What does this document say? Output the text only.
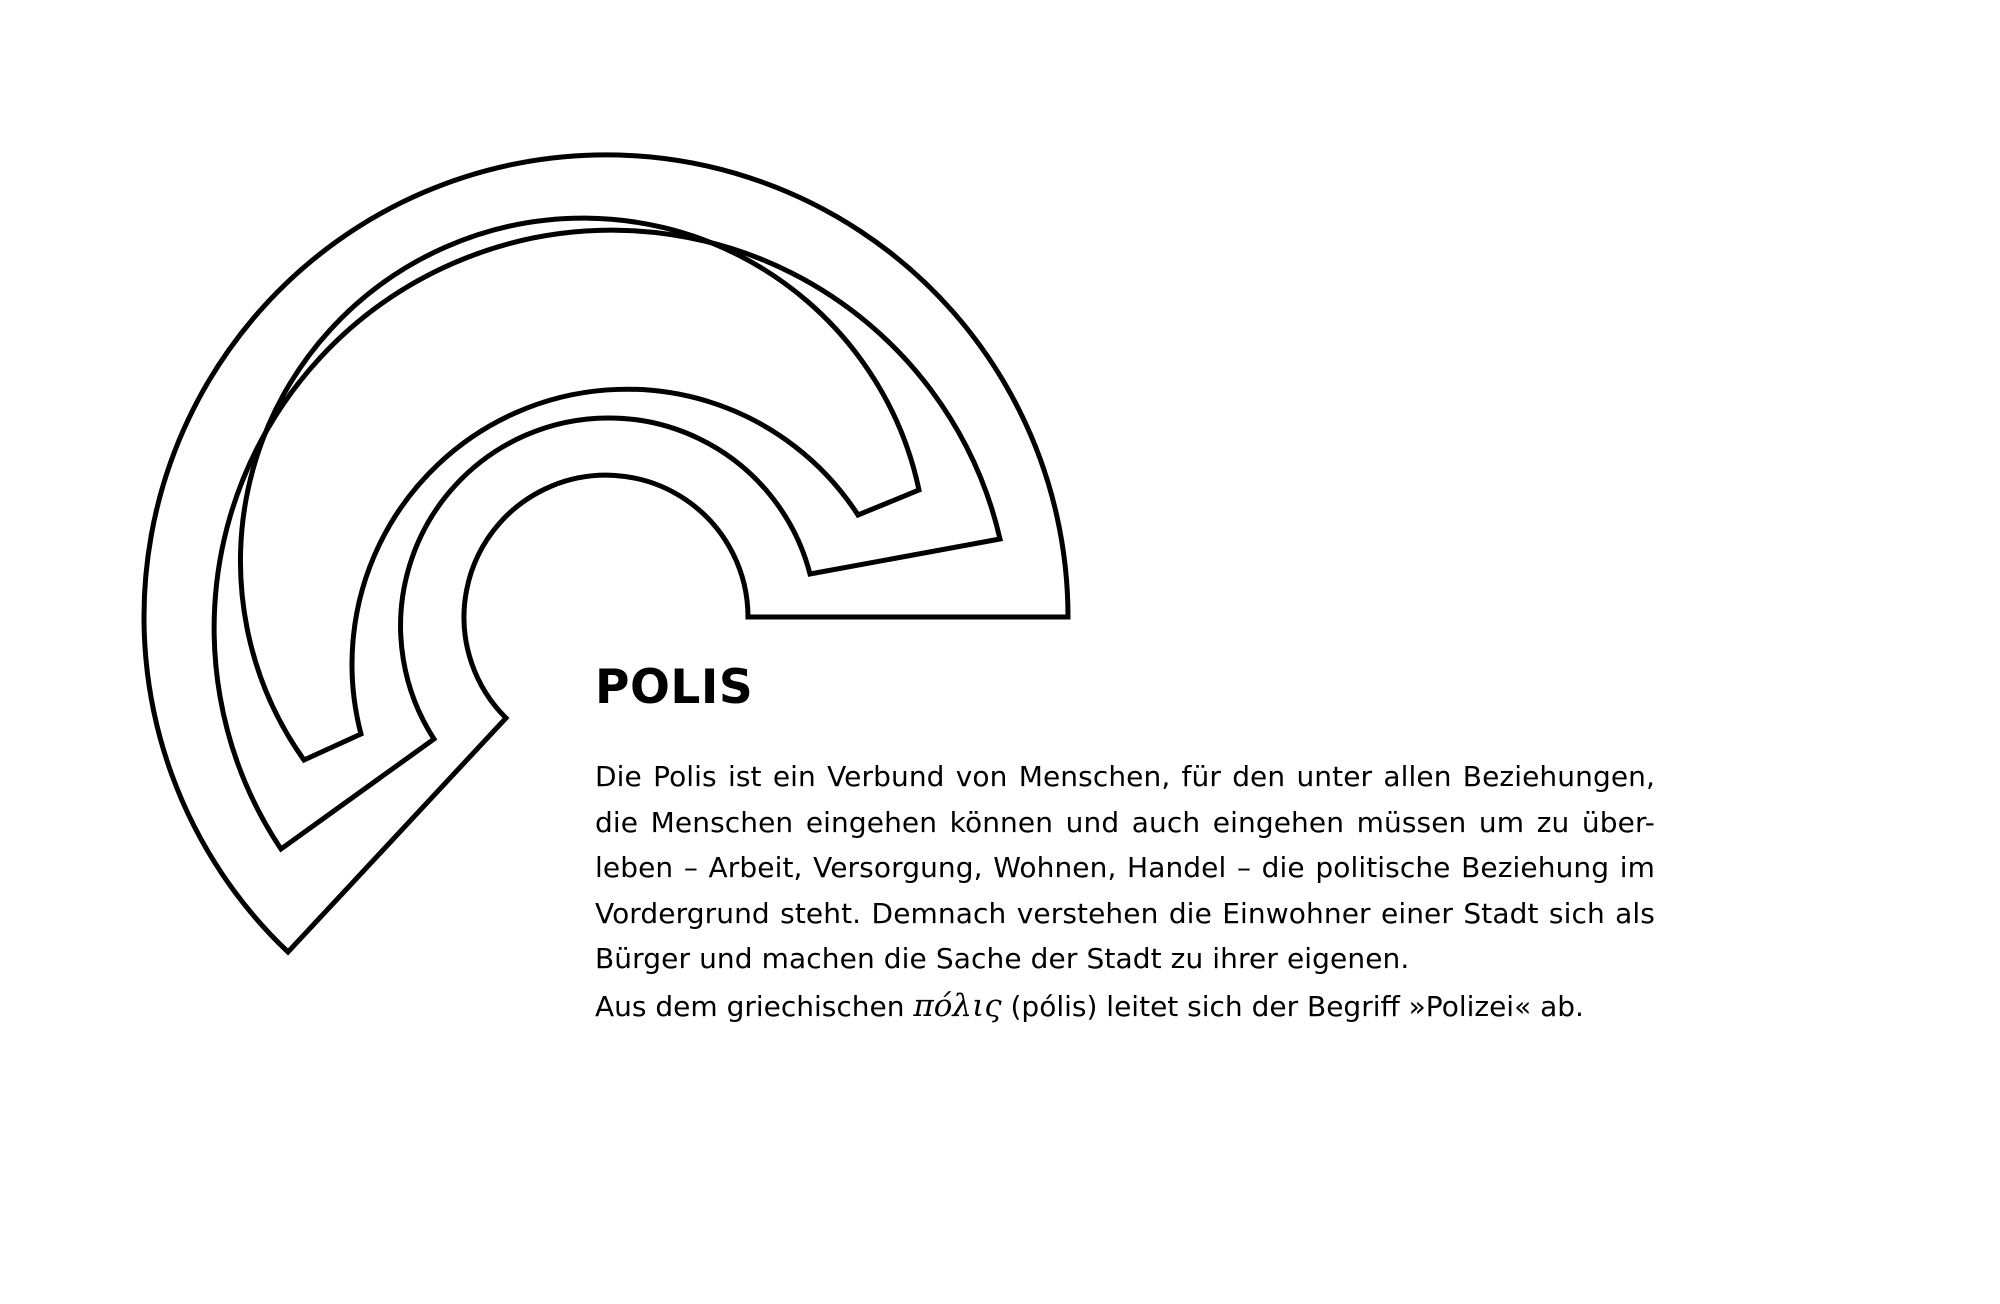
POLIS

Die Polis ist ein Verbund von Menschen, für den unter allen Beziehungen, die Menschen eingehen können und auch eingehen müssen um zu über-leben – Arbeit, Versorgung, Wohnen, Handel – die politische Beziehung im Vordergrund steht. Demnach verstehen die Einwohner einer Stadt sich als Bürger und machen die Sache der Stadt zu ihrer eigenen.

Aus dem griechischen πόλις (pólis) leitet sich der Begriff »Polizei« ab.
